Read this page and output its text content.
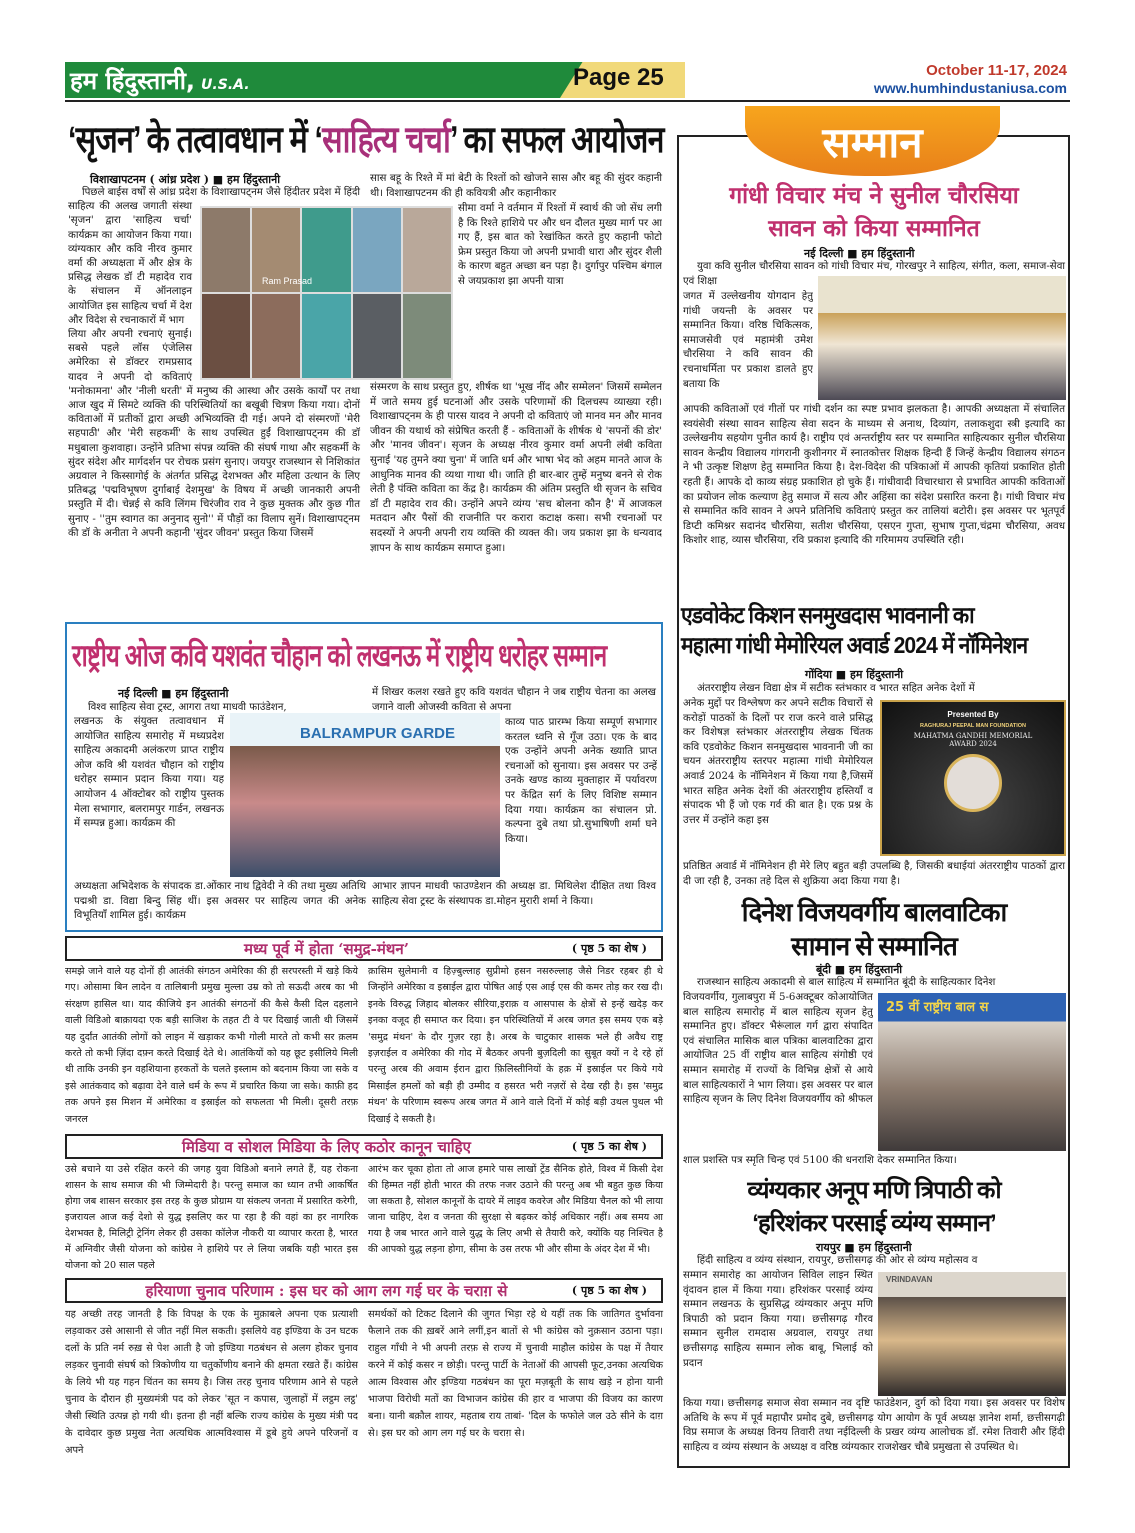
हम हिंदुस्तानी, U.S.A.	Page 25	October 11-17, 2024
www.humhindustaniusa.com
‘सृजन’ के तत्वावधान में ‘साहित्य चर्चा’ का सफल आयोजन
विशाखापटनम ( आंध्र प्रदेश ) ■ हम हिंदुस्तानी
पिछले बाईस वर्षों से आंध्र प्रदेश के विशाखापट्नम जैसे हिंदीतर प्रदेश में हिंदी साहित्य की अलख जगाती संस्था 'सृजन' द्वारा 'साहित्य चर्चा' कार्यक्रम का आयोजन किया गया। व्यंग्यकार और कवि नीरव कुमार वर्मा की अध्यक्षता में और क्षेत्र के प्रसिद्ध लेखक डॉ टी महादेव राव के संचालन में ऑनलाइन आयोजित इस साहित्य चर्चा में देश और विदेश से रचनाकारों में भाग
लिया और अपनी रचनाएं सुनाई। सबसे पहले लॉस एंजेलिस अमेरिका से डॉक्टर रामप्रसाद यादव ने अपनी दो कविताएं 'मनोकामना' और 'नीली धरती' में मनुष्य की आस्था और उसके कार्यों पर तथा आज खुद में सिमटे व्यक्ति की परिस्थितियों का बखूबी चित्रण किया गया। दोनों कविताओं में प्रतीकों द्वारा अच्छी अभिव्यक्ति दी गई। अपने दो संस्मरणों 'मेरी सहपाठी' और 'मेरी सहकर्मी' के साथ उपस्थित हुईं विशाखापट्नम की डॉ मधुबाला कुशवाहा। उन्होंने प्रतिभा संपन्न व्यक्ति की संघर्ष गाथा और सहकर्मी के सुंदर संदेश और मार्गदर्शन पर रोचक प्रसंग सुनाए। जयपुर राजस्थान से निशिकांत अग्रवाल ने किस्सागोई के अंतर्गत प्रसिद्ध देशभक्त और महिला उत्थान के लिए प्रतिबद्ध 'पद्मविभूषण दुर्गाबाई देशमुख' के विषय में अच्छी जानकारी अपनी प्रस्तुति में दी। चेन्नई से कवि लिंगम चिरंजीव राव ने कुछ मुक्तक और कुछ गीत सुनाए - ''तुम स्वागत का अनुनाद सुनो'' में पौड़ों का विलाप सुनें। विशाखापट्नम की डॉ के अनीता ने अपनी कहानी 'सुंदर जीवन' प्रस्तुत किया जिसमें
Ram Prasad
सास बहू के रिश्ते में मां बेटी के रिश्तों को खोजने सास और बहू की सुंदर कहानी थी। विशाखापटनम की ही कवियत्री और कहानीकार
सीमा वर्मा ने वर्तमान में रिश्तों में स्वार्थ की जो सेंध लगी है कि रिश्ते हाशिये पर और धन दौलत मुख्य मार्ग पर आ गए हैं, इस बात को रेखांकित करते हुए कहानी फोटो फ्रेम प्रस्तुत किया जो अपनी प्रभावी धारा और सुंदर शैली के कारण बहुत अच्छा बन पड़ा है। दुर्गापुर पश्चिम बंगाल से जयप्रकाश झा अपनी यात्रा
संस्मरण के साथ प्रस्तुत हुए, शीर्षक था 'भूख नींद और सम्मेलन' जिसमें सम्मेलन में जाते समय हुई घटनाओं और उसके परिणामों की दिलचस्प व्याख्या रही। विशाखापट्नम के ही पारस यादव ने अपनी दो कविताएं जो मानव मन और मानव जीवन की यथार्थ को संप्रेषित करती हैं - कविताओं के शीर्षक थे 'सपनों की डोर' और 'मानव जीवन'। सृजन के अध्यक्ष नीरव कुमार वर्मा अपनी लंबी कविता सुनाई 'यह तुमने क्या चुना' में जाति धर्म और भाषा भेद को अहम मानते आज के आधुनिक मानव की व्यथा गाथा थी। जाति ही बार-बार तुम्हें मनुष्य बनने से रोक लेती है पंक्ति कविता का केंद्र है। कार्यक्रम की अंतिम प्रस्तुति थी सृजन के सचिव डॉ टी महादेव राव की। उन्होंने अपने व्यंग्य 'सच बोलना कौन है' में आजकल मतदान और पैसों की राजनीति पर करारा कटाक्ष कसा। सभी रचनाओं पर सदस्यों ने अपनी अपनी राय व्यक्ति की व्यक्त की। जय प्रकाश झा के धन्यवाद ज्ञापन के साथ कार्यक्रम समाप्त हुआ।
राष्ट्रीय ओज कवि यशवंत चौहान को लखनऊ में राष्ट्रीय धरोहर सम्मान
नई दिल्ली ■ हम हिंदुस्तानी
विश्व साहित्य सेवा ट्रस्ट, आगरा तथा माधवी फाउंडेशन,
लखनऊ के संयुक्त तत्वावधान में आयोजित साहित्य समारोह में मध्यप्रदेश साहित्य अकादमी अलंकरण प्राप्त राष्ट्रीय ओज कवि श्री यशवंत चौहान को राष्ट्रीय धरोहर सम्मान प्रदान किया गया। यह आयोजन 4 ऑक्टोबर को राष्ट्रीय पुस्तक मेला सभागार, बलरामपुर गार्डन, लखनऊ में सम्पन्न हुआ। कार्यक्रम की
BALRAMPUR GARDE
में शिखर कलश रखते हुए कवि यशवंत चौहान ने जब राष्ट्रीय चेतना का अलख जगाने वाली ओजस्वी कविता से अपना
काव्य पाठ प्रारम्भ किया सम्पूर्ण सभागार करतल ध्वनि से गूँज उठा। एक के बाद एक उन्होंने अपनी अनेक ख्याति प्राप्त रचनाओं को सुनाया। इस अवसर पर उन्हें उनके खण्ड काव्य मुक्ताहार में पर्यावरण पर केंद्रित सर्ग के लिए विशिष्ट सम्मान दिया गया। कार्यक्रम का संचालन प्रो. कल्पना दुबे तथा प्रो.सुभाषिणी शर्मा घने किया।
अध्यक्षता अभिदेशक के संपादक डा.ओंकार नाथ द्विवेदी ने की तथा मुख्य अतिथि पद्मश्री डा. विद्या बिन्दु सिंह थीं। इस अवसर पर साहित्य जगत की अनेक विभूतियाँ शामिल हुई। कार्यक्रम
आभार ज्ञापन माधवी फाउण्डेशन की अध्यक्ष डा. मिथिलेश दीक्षित तथा विश्व साहित्य सेवा ट्रस्ट के संस्थापक डा.मोहन मुरारी शर्मा ने किया।
मध्य पूर्व में होता ‘समुद्र-मंथन’	( पृष्ठ 5 का शेष )
समझे जाने वाले यह दोनों ही आतंकी संगठन अमेरिका की ही सरपरस्ती में खड़े किये गए। ओसामा बिन लादेन व तालिबानी प्रमुख मुल्ला उम्र को तो सऊदी अरब का भी संरक्षण हासिल था। याद कीजिये इन आतंकी संगठनों की कैसे कैसी दिल दहलाने वाली विडिओ बाक़ायदा एक बड़ी साजिश के तहत टी वे पर दिखाई जाती थी जिसमें यह दुर्दांत आतंकी लोगों को लाइन में खड़ाकर कभी गोली मारते तो कभी सर क़लम करते तो कभी ज़िंदा दफ़्न करते दिखाई देते थे। आतंकियों को यह छूट इसीलिये मिली थी ताकि उनकी इन वहशियाना हरकतों के चलते इस्लाम को बदनाम किया जा सके व इसे आतंकवाद को बढ़ावा देने वाले धर्म के रूप में प्रचारित किया जा सके। काफ़ी हद तक अपने इस मिशन में अमेरिका व इस्राईल को सफलता भी मिली। दूसरी तरफ़ जनरल
क़ासिम सुलेमानी व हिज़्बुल्लाह सुप्रीमो हसन नसरुल्लाह जैसे निडर रहबर ही थे जिन्होंने अमेरिका व इस्राईल द्वारा पोषित आई एस आई एस की कमर तोड़ कर रख दी। इनके विरुद्ध जिहाद बोलकर सीरिया,इराक़ व आसपास के क्षेत्रों से इन्हें खदेड़ कर इनका वजूद ही समाप्त कर दिया। इन परिस्थितियों में अरब जगत इस समय एक बड़े 'समुद्र मंथन' के दौर गुज़र रहा है। अरब के चाटुकार शासक भले ही अवैध राष्ट्र इज़राईल व अमेरिका की गोद में बैठकर अपनी बुज़दिली का सुबूत क्यों न दे रहे हों परन्तु अरब की अवाम ईरान द्वारा फ़िलिस्तीनियों के हक़ में इस्राईल पर किये गये मिसाईल हमलों को बड़ी ही उम्मीद व हसरत भरी नज़रों से देख रही है। इस 'समुद्र मंथन' के परिणाम स्वरूप अरब जगत में आने वाले दिनों में कोई बड़ी उथल पुथल भी दिखाई दे सकती है।
मिडिया व सोशल मिडिया के लिए कठोर कानून चाहिए	( पृष्ठ 5 का शेष )
उसे बचाने या उसे रक्षित करने की जगह युवा विडिओ बनाने लगते हैं, यह रोकना शासन के साथ समाज की भी जिम्मेदारी है। परन्तु समाज का ध्यान तभी आकर्षित होगा जब शासन सरकार इस तरह के कुछ प्रोग्राम या संकल्प जनता में प्रसारित करेगी, इजरायल आज कई देशो से युद्ध इसलिए कर पा रहा है की वहां का हर नागरिक देशभक्त है, मिलिट्री ट्रेनिंग लेकर ही उसका कॉलेज नौकरी या व्यापार करता है, भारत में अग्निवीर जैसी योजना को कांग्रेस ने हाशिये पर ले लिया जबकि यही भारत इस योजना को 20 साल पहले
आरंभ कर चूका होता तो आज हमारे पास लाखों ट्रेंड सैनिक होते, विश्व में किसी देश की हिम्मत नहीं होती भारत की तरफ नजर उठाने की परन्तु अब भी बहुत कुछ किया जा सकता है, सोशल कानूनों के दायरे में लाइव कवरेज और मिडिया चैनल को भी लाया जाना चाहिए, देश व जनता की सुरक्षा से बढ़कर कोई अधिकार नहीं। अब समय आ गया है जब भारत आने वाले युद्ध के लिए अभी से तैयारी करे, क्योंकि यह निश्चित है की आपको युद्ध लड़ना होगा, सीमा के उस तरफ भी और सीमा के अंदर देश में भी।
हरियाणा चुनाव परिणाम : इस घर को आग लग गई घर के चराग़ से	( पृष्ठ 5 का शेष )
यह अच्छी तरह जानती है कि विपक्ष के एक के मुक़ाबले अपना एक प्रत्याशी लड़वाकर उसे आसानी से जीत नहीं मिल सकती। इसलिये वह इण्डिया के उन घटक दलों के प्रति नर्म रुख़ से पेश आती है जो इण्डिया गठबंधन से अलग होकर चुनाव लड़कर चुनावी संघर्ष को त्रिकोणीय या चतुर्कोणीय बनाने की क्षमता रखते हैं। कांग्रेस के लिये भी यह गहन चिंतन का समय है। जिस तरह चुनाव परिणाम आने से पहले चुनाव के दौरान ही मुख्यमंत्री पद को लेकर 'सूत न कपास, जुलाहों में लट्ठम लट्ठ' जैसी स्थिति उत्पन्न हो गयी थी। इतना ही नहीं बल्कि राज्य कांग्रेस के मुख्य मंत्री पद के दावेदार कुछ प्रमुख नेता अत्यधिक आत्मविश्वास में डूबे हुये अपने परिजनों व अपने
समर्थकों को टिकट दिलाने की जुगत भिड़ा रहे थे यहीं तक कि जातिगत दुर्भावना फैलाने तक की ख़बरें आने लगीं,इन बातों से भी कांग्रेस को नुक़सान उठाना पड़ा। राहुल गाँधी ने भी अपनी तरफ़ से राज्य में चुनावी माहौल कांग्रेस के पक्ष में तैयार करने में कोई कसर न छोड़ी। परन्तु पार्टी के नेताओं की आपसी फूट,उनका अत्यधिक आत्म विश्वास और इण्डिया गठबंधन का पूरा मज़बूती के साथ खड़े न होना यानी भाजपा विरोधी मतों का विभाजन कांग्रेस की हार व भाजपा की विजय का कारण बना। यानी बक़ौल शायर, महताब राय ताबां- 'दिल के फफोले जल उठे सीने के दाग़ से। इस घर को आग लग गई घर के चराग़ से।
सम्मान
गांधी विचार मंच ने सुनील चौरसिया
सावन को किया सम्मानित
नई दिल्ली ■ हम हिंदुस्तानी
युवा कवि सुनील चौरसिया सावन को गांधी विचार मंच, गोरखपुर ने साहित्य, संगीत, कला, समाज-सेवा एवं शिक्षा
जगत में उल्लेखनीय योगदान हेतु गांधी जयन्ती के अवसर पर सम्मानित किया। वरिष्ठ चिकित्सक, समाजसेवी एवं महामंत्री उमेश चौरसिया ने कवि सावन की रचनाधर्मिता पर प्रकाश डालते हुए बताया कि
आपकी कविताओं एवं गीतों पर गांधी दर्शन का स्पष्ट प्रभाव झलकता है। आपकी अध्यक्षता में संचालित स्वयंसेवी संस्था सावन साहित्य सेवा सदन के माध्यम से अनाथ, दिव्यांग, तलाकशुदा स्त्री इत्यादि का उल्लेखनीय सहयोग पुनीत कार्य है। राष्ट्रीय एवं अन्तर्राष्ट्रीय स्तर पर सम्मानित साहित्यकार सुनील चौरसिया सावन केन्द्रीय विद्यालय गांगरानी कुशीनगर में स्नातकोत्तर शिक्षक हिन्दी हैं जिन्हें केन्द्रीय विद्यालय संगठन ने भी उत्कृष्ट शिक्षण हेतु सम्मानित किया है। देश-विदेश की पत्रिकाओं में आपकी कृतियां प्रकाशित होती रहती हैं। आपके दो काव्य संग्रह प्रकाशित हो चुके हैं। गांधीवादी विचारधारा से प्रभावित आपकी कविताओं का प्रयोजन लोक कल्याण हेतु समाज में सत्य और अहिंसा का संदेश प्रसारित करना है। गांधी विचार मंच से सम्मानित कवि सावन ने अपने प्रतिनिधि कविताएं प्रस्तुत कर तालियां बटोरी। इस अवसर पर भूतपूर्व डिप्टी कमिश्नर सदानंद चौरसिया, सतीश चौरसिया, एसएन गुप्ता, सुभाष गुप्ता,चंद्रमा चौरसिया, अवध किशोर शाह, व्यास चौरसिया, रवि प्रकाश इत्यादि की गरिमामय उपस्थिति रही।
एडवोकेट किशन सनमुखदास भावनानी का
महात्मा गांधी मेमोरियल अवार्ड 2024 में नॉमिनेशन
गोंदिया ■ हम हिंदुस्तानी
अंतरराष्ट्रीय लेखन विद्या क्षेत्र में सटीक स्तंभकार व भारत सहित अनेक देशों में
अनेक मुद्दों पर विश्लेषण कर अपने सटीक विचारों से करोड़ों पाठकों के दिलों पर राज करने वाले प्रसिद्ध कर विशेषज्ञ स्तंभकार अंतरराष्ट्रीय लेखक चिंतक कवि एडवोकेट किशन सनमुखदास भावनानी जी का चयन अंतरराष्ट्रीय स्तरपर महात्मा गांधी मेमोरियल अवार्ड 2024 के नॉमिनेशन में किया गया है,जिसमें भारत सहित अनेक देशों की अंतरराष्ट्रीय हस्तियाँ व संपादक भी हैं जो एक गर्व की बात है। एक प्रश्न के उत्तर में उन्होंने कहा इस
Presented By
RAGHURAJ PEEPAL MAN FOUNDATION
MAHATMA GANDHI MEMORIAL AWARD 2024
प्रतिष्ठित अवार्ड में नॉमिनेशन ही मेरे लिए बहुत बड़ी उपलब्धि है, जिसकी बधाईयां अंतरराष्ट्रीय पाठकों द्वारा दी जा रही है, उनका तहे दिल से शुक्रिया अदा किया गया है।
दिनेश विजयवर्गीय बालवाटिका
सामान से सम्मानित
बूंदी ■ हम हिंदुस्तानी
राजस्थान साहित्य अकादमी से बाल साहित्य में सम्मानित बूंदी के साहित्यकार दिनेश
विजयवर्गीय, गुलाबपुरा में 5-6अक्टूबर कोआयोजित बाल साहित्य समारोह में बाल साहित्य सृजन हेतु सम्मानित हुए। डॉक्टर भैरूंलाल गर्ग द्वारा संपादित एवं संचालित मासिक बाल पत्रिका बालवाटिका द्वारा आयोजित 25 वीं राष्ट्रीय बाल साहित्य संगोष्ठी एवं सम्मान समारोह में राज्यों के विभिन्न क्षेत्रों से आये बाल साहित्यकारों ने भाग लिया। इस अवसर पर बाल साहित्य सृजन के लिए दिनेश विजयवर्गीय को श्रीफल
25 वीं राष्ट्रीय बाल स
शाल प्रशस्ति पत्र स्मृति चिन्ह एवं 5100 की धनराशि देकर सम्मानित किया।
व्यंग्यकार अनूप मणि त्रिपाठी को
‘हरिशंकर परसाई व्यंग्य सम्मान’
रायपुर ■ हम हिंदुस्तानी
हिंदी साहित्य व व्यंग्य संस्थान, रायपुर, छत्तीसगढ़ की ओर से व्यंग्य महोत्सव व
सम्मान समारोह का आयोजन सिविल लाइन स्थित वृंदावन हाल में किया गया। हरिशंकर परसाई व्यंग्य सम्मान लखनऊ के सुप्रसिद्ध व्यंग्यकार अनूप मणि त्रिपाठी को प्रदान किया गया। छत्तीसगढ़ गौरव सम्मान सुनील रामदास अग्रवाल, रायपुर तथा छत्तीसगढ़ साहित्य सम्मान लोक बाबू, भिलाई को प्रदान
VRINDAVAN
किया गया। छत्तीसगढ़ समाज सेवा सम्मान नव दृष्टि फाउंडेशन, दुर्ग को दिया गया। इस अवसर पर विशेष अतिथि के रूप में पूर्व महापौर प्रमोद दुबे, छत्तीसगढ़ योग आयोग के पूर्व अध्यक्ष ज्ञानेश शर्मा, छत्तीसगढ़ी विप्र समाज के अध्यक्ष विनय तिवारी तथा नईदिल्ली के प्रखर व्यंग्य आलोचक डॉ. रमेश तिवारी और हिंदी साहित्य व व्यंग्य संस्थान के अध्यक्ष व वरिष्ठ व्यंग्यकार राजशेखर चौबे प्रमुखता से उपस्थित थे।
